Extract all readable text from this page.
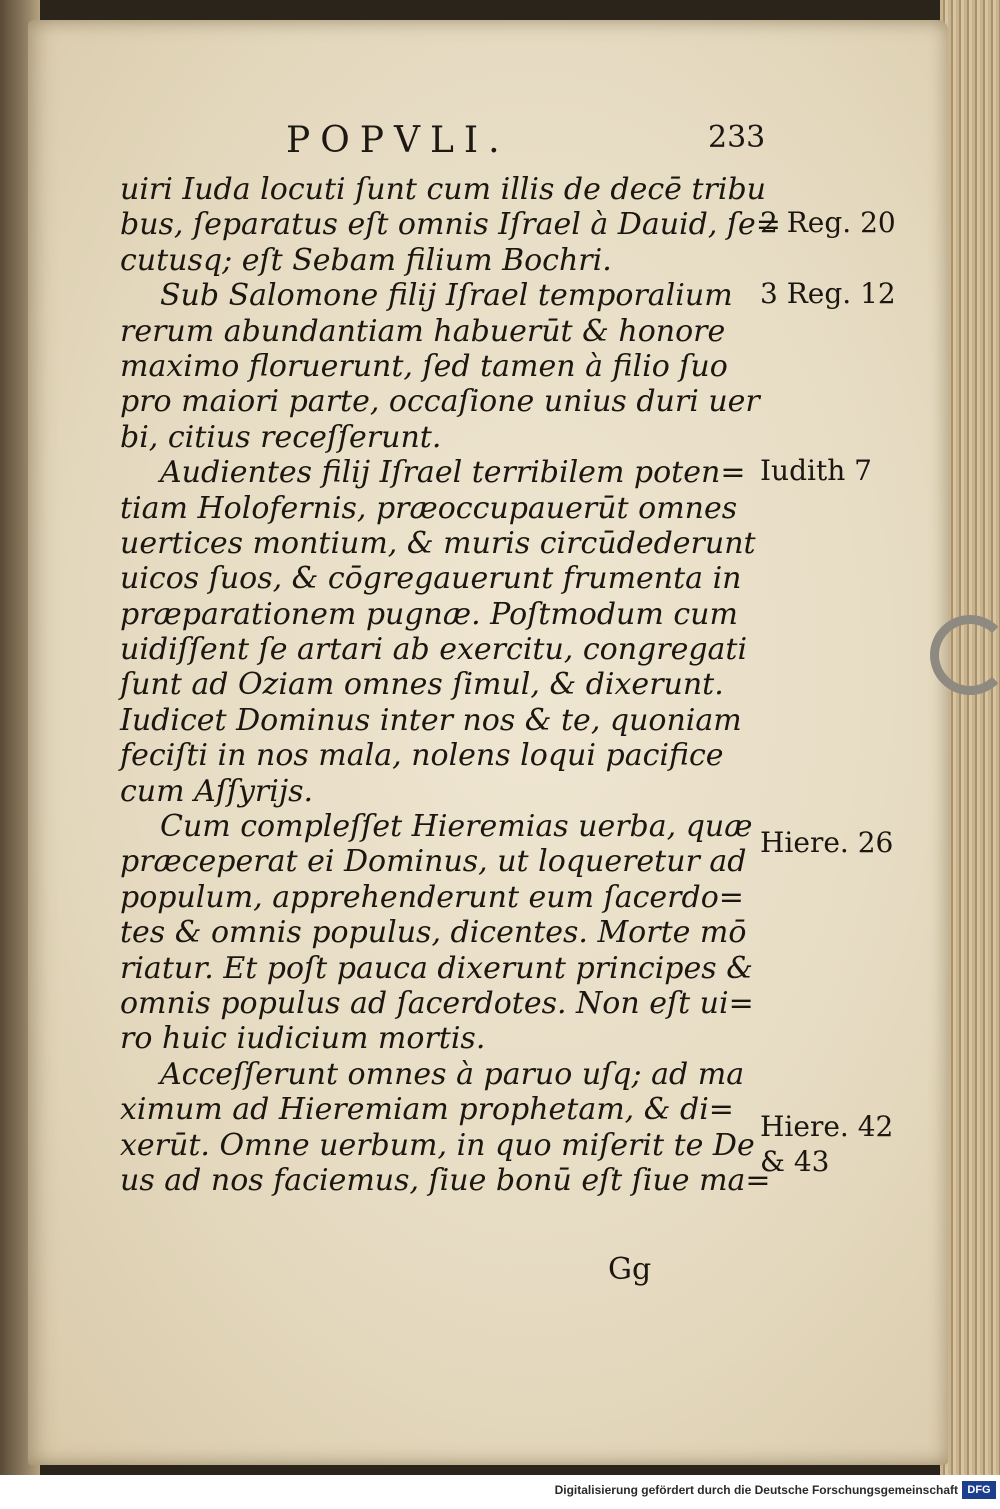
POPVLI.	233
uiri Iuda locuti ſunt cum illis de decē tribu
bus, ſeparatus eſt omnis Iſrael à Dauid, ſe=
cutusq; eſt Sebam filium Bochri.
Sub Salomone filij Iſrael temporalium
rerum abundantiam habuerūt & honore
maximo floruerunt, ſed tamen à filio ſuo
pro maiori parte, occaſione unius duri uer
bi, citius receſſerunt.
Audientes filij Iſrael terribilem poten=
tiam Holofernis, præoccupauerūt omnes
uertices montium, & muris circūdederunt
uicos ſuos, & cōgregauerunt frumenta in
præparationem pugnæ. Poſtmodum cum
uidiſſent ſe artari ab exercitu, congregati
ſunt ad Oziam omnes ſimul, & dixerunt.
Iudicet Dominus inter nos & te, quoniam
feciſti in nos mala, nolens loqui pacifice
cum Aſſyrijs.
Cum compleſſet Hieremias uerba, quæ
præceperat ei Dominus, ut loqueretur ad
populum, apprehenderunt eum ſacerdo=
tes & omnis populus, dicentes. Morte mō
riatur. Et poſt pauca dixerunt principes &
omnis populus ad ſacerdotes. Non eſt ui=
ro huic iudicium mortis.
Acceſſerunt omnes à paruo uſq; ad ma
ximum ad Hieremiam prophetam, & di=
xerūt. Omne uerbum, in quo miſerit te De
us ad nos faciemus, ſiue bonū eſt ſiue ma=
2 Reg. 20
3 Reg. 12
Iudith 7
Hiere. 26
Hiere. 42
& 43
Gg
Digitalisierung gefördert durch die Deutsche Forschungsgemeinschaft DFG
